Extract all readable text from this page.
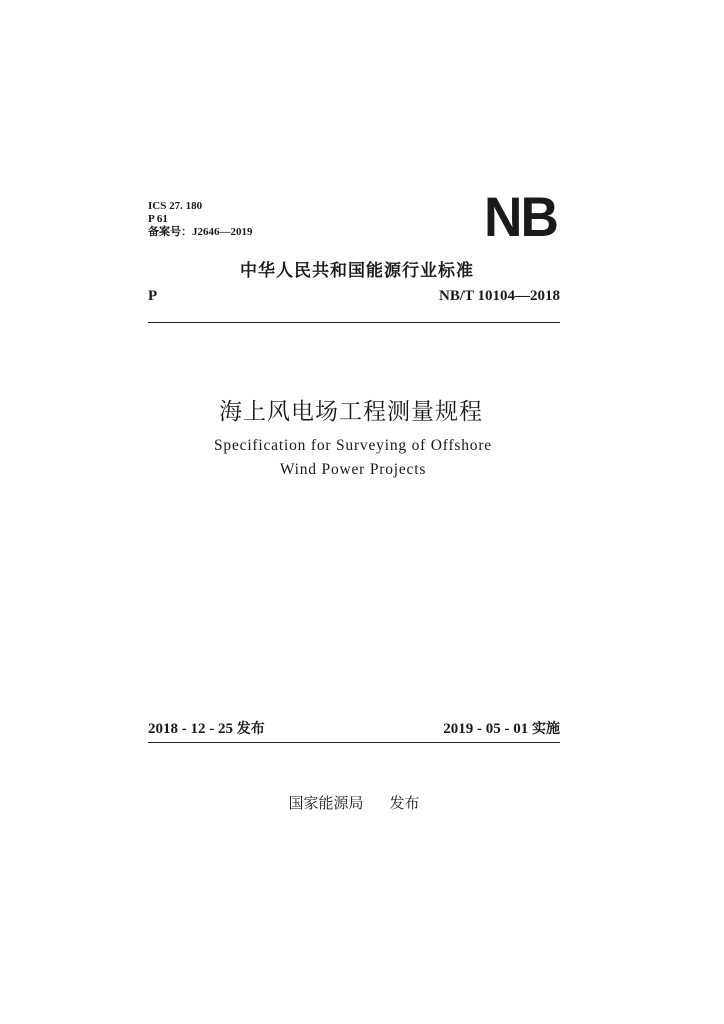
ICS 27. 180
P 61
备案号：J2646—2019	NB
中华人民共和国能源行业标准
P	NB/T 10104—2018
海上风电场工程测量规程
Specification for Surveying of Offshore
Wind Power Projects
2018 - 12 - 25 发布	2019 - 05 - 01 实施
国家能源局 发布
